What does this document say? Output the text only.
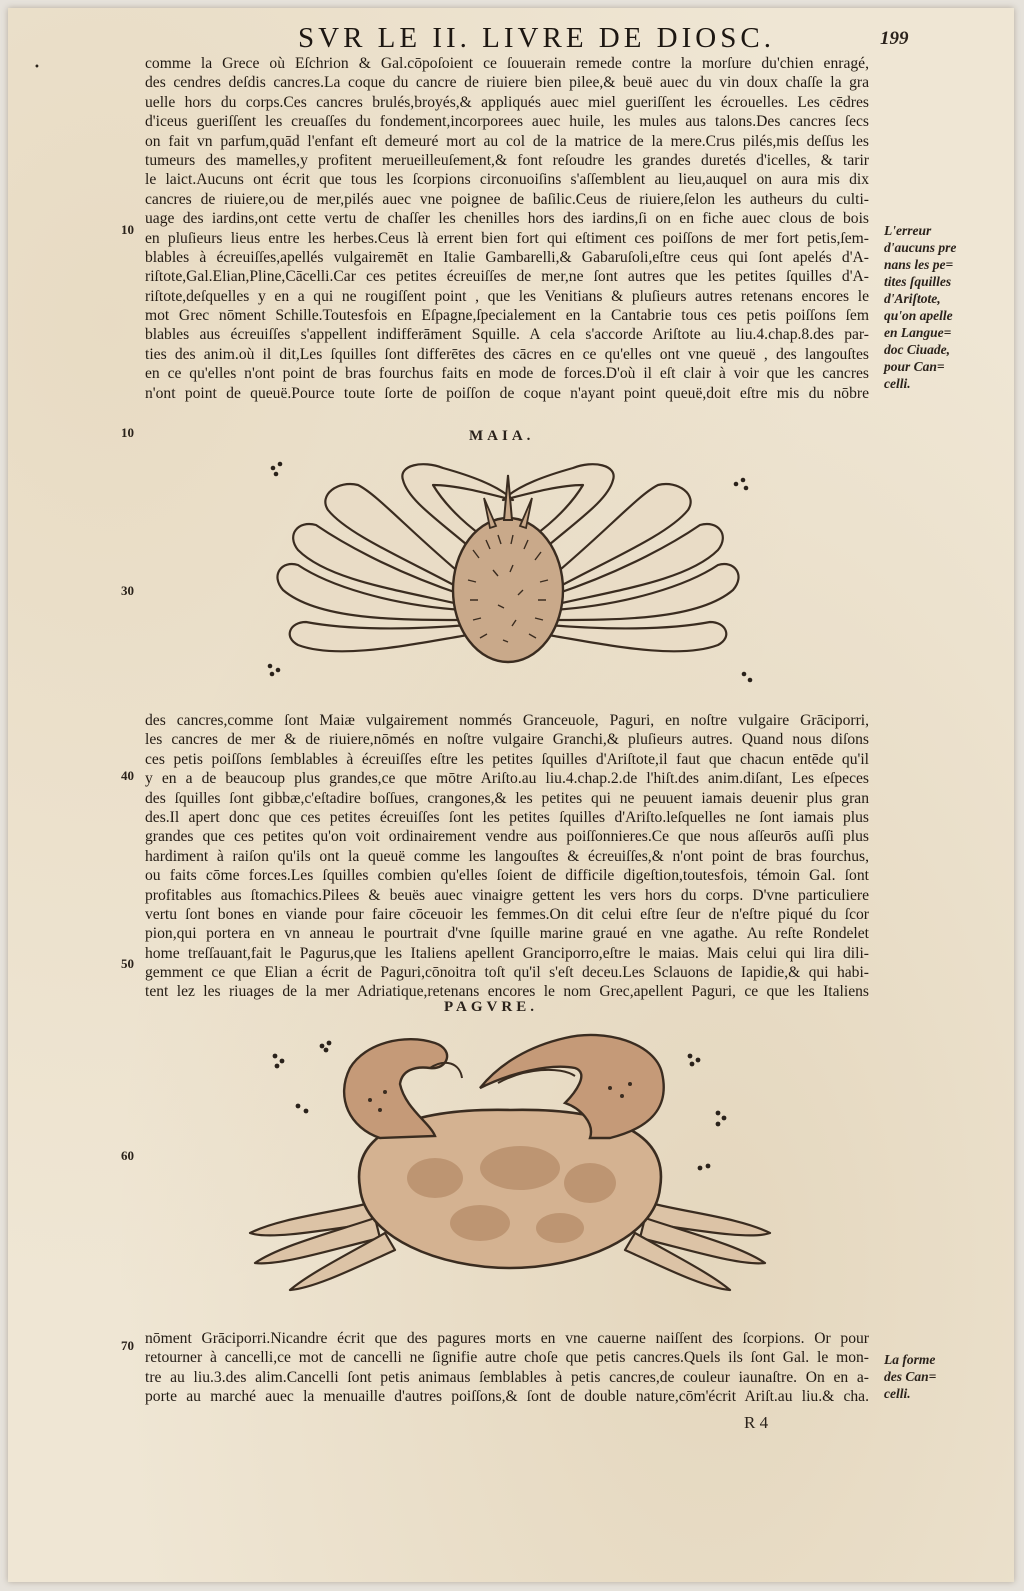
SVR LE II. LIVRE DE DIOSC.	199
•	comme la Grece où Eſchrion & Gal.cōpoſoient ce ſouuerain remede contre la morſure du'chien enragé,
des cendres deſdis cancres.La coque du cancre de riuiere bien pilee,& beuë auec du vin doux chaſſe la gra
uelle hors du corps.Ces cancres brulés,broyés,& appliqués auec miel gueriſſent les écrouelles. Les cēdres
d'iceus gueriſſent les creuaſſes du fondement,incorporees auec huile, les mules aus talons.Des cancres ſecs
on fait vn parfum,quād l'enfant eſt demeuré mort au col de la matrice de la mere.Crus pilés,mis deſſus les
tumeurs des mamelles,y profitent merueilleuſement,& font reſoudre les grandes duretés d'icelles, & tarir
le laict.Aucuns ont écrit que tous les ſcorpions circonuoiſins s'aſſemblent au lieu,auquel on aura mis dix
cancres de riuiere,ou de mer,pilés auec vne poignee de baſilic.Ceus de riuiere,ſelon les autheurs du culti-
uage des iardins,ont cette vertu de chaſſer les chenilles hors des iardins,ſi on en fiche auec clous de bois
en pluſieurs lieus entre les herbes.Ceus là errent bien fort qui eſtiment ces poiſſons de mer fort petis,ſem-
blables à écreuiſſes,apellés vulgairemēt en Italie Gambarelli,& Gabaruſoli,eſtre ceus qui ſont apelés d'A-
riſtote,Gal.Elian,Pline,Cācelli.Car ces petites écreuiſſes de mer,ne ſont autres que les petites ſquilles d'A-
riſtote,deſquelles y en a qui ne rougiſſent point , que les Venitians & pluſieurs autres retenans encores le
mot Grec nōment Schille.Toutesfois en Eſpagne,ſpecialement en la Cantabrie tous ces petis poiſſons ſem
blables aus écreuiſſes s'appellent indifferāment Squille. A cela s'accorde Ariſtote au liu.4.chap.8.des par-
ties des anim.où il dit,Les ſquilles ſont differētes des cācres en ce qu'elles ont vne queuë , des langouſtes
en ce qu'elles n'ont point de bras fourchus faits en mode de forces.D'où il eſt clair à voir que les cancres
n'ont point de queuë.Pource toute ſorte de poiſſon de coque n'ayant point queuë,doit eſtre mis du nōbre
10
10
30
40
50
60
70
L'erreur
d'aucuns pre
nans les pe=
tites ſquilles
d'Ariſtote,
qu'on apelle
en Langue=
doc Ciuade,
pour Can=
celli.
MAIA.
des cancres,comme ſont Maiæ vulgairement nommés Granceuole, Paguri, en noſtre vulgaire Grāciporri,
les cancres de mer & de riuiere,nōmés en noſtre vulgaire Granchi,& pluſieurs autres. Quand nous diſons
ces petis poiſſons ſemblables à écreuiſſes eſtre les petites ſquilles d'Ariſtote,il faut que chacun entēde qu'il
y en a de beaucoup plus grandes,ce que mōtre Ariſto.au liu.4.chap.2.de l'hiſt.des anim.diſant, Les eſpeces
des ſquilles ſont gibbæ,c'eſtadire boſſues, crangones,& les petites qui ne peuuent iamais deuenir plus gran
des.Il apert donc que ces petites écreuiſſes ſont les petites ſquilles d'Ariſto.leſquelles ne ſont iamais plus
grandes que ces petites qu'on voit ordinairement vendre aus poiſſonnieres.Ce que nous aſſeurōs auſſi plus
hardiment à raiſon qu'ils ont la queuë comme les langouſtes & écreuiſſes,& n'ont point de bras fourchus,
ou faits cōme forces.Les ſquilles combien qu'elles ſoient de difficile digeſtion,toutesfois, témoin Gal. ſont
profitables aus ſtomachics.Pilees & beuës auec vinaigre gettent les vers hors du corps. D'vne particuliere
vertu ſont bones en viande pour faire cōceuoir les femmes.On dit celui eſtre ſeur de n'eſtre piqué du ſcor
pion,qui portera en vn anneau le pourtrait d'vne ſquille marine graué en vne agathe. Au reſte Rondelet
home treſſauant,fait le Pagurus,que les Italiens apellent Granciporro,eſtre le maias. Mais celui qui lira dili-
gemment ce que Elian a écrit de Paguri,cōnoitra toſt qu'il s'eſt deceu.Les Sclauons de Iapidie,& qui habi-
tent lez les riuages de la mer Adriatique,retenans encores le nom Grec,apellent Paguri, ce que les Italiens
PAGVRE.
nōment Grāciporri.Nicandre écrit que des pagures morts en vne cauerne naiſſent des ſcorpions. Or pour
retourner à cancelli,ce mot de cancelli ne ſignifie autre choſe que petis cancres.Quels ils ſont Gal. le mon-
tre au liu.3.des alim.Cancelli ſont petis animaus ſemblables à petis cancres,de couleur iaunaſtre. On en a-
porte au marché auec la menuaille d'autres poiſſons,& ſont de double nature,cōm'écrit Ariſt.au liu.& cha.
La forme
des Can=
celli.
R 4
